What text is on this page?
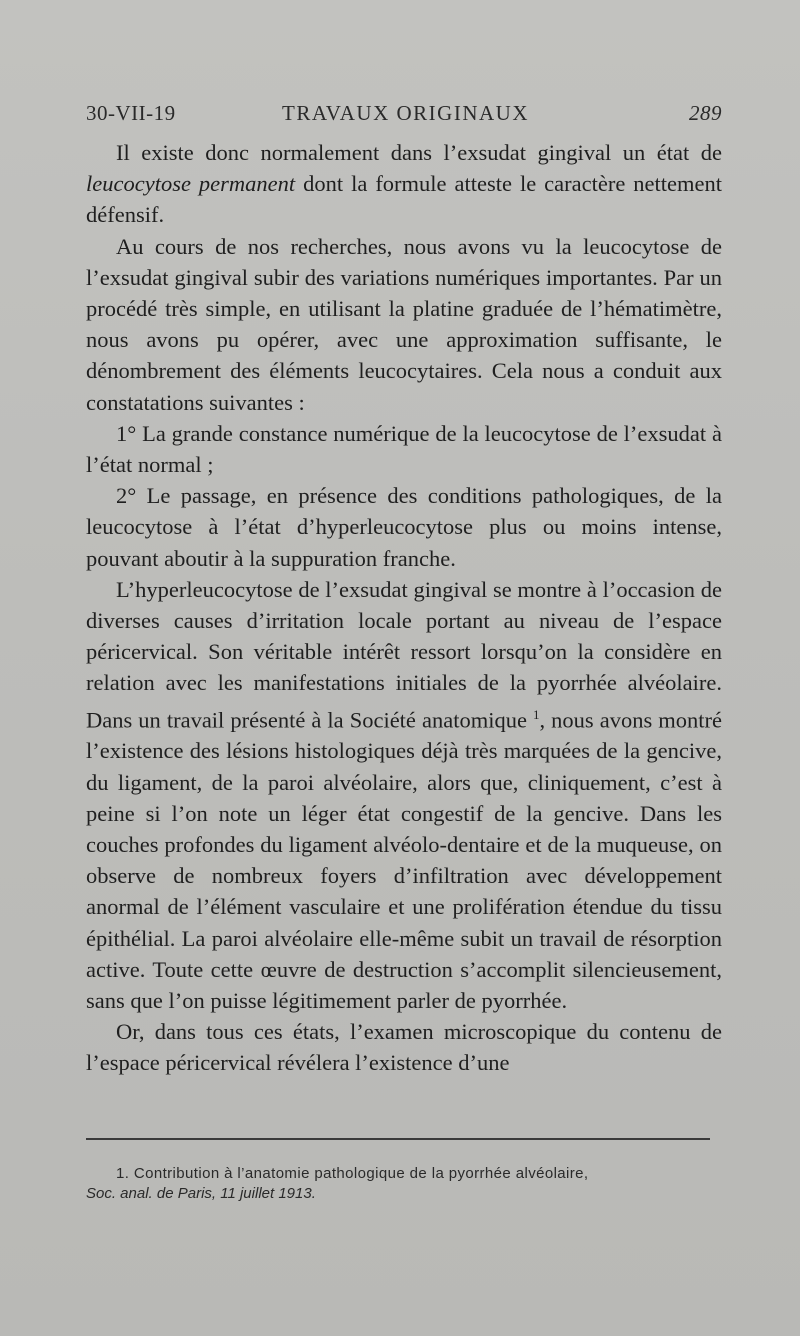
30-VII-19	TRAVAUX ORIGINAUX	289

Il existe donc normalement dans l’exsudat gingival un état de leucocytose permanent dont la formule atteste le caractère nettement défensif.

Au cours de nos recherches, nous avons vu la leucocytose de l’exsudat gingival subir des variations numériques importantes. Par un procédé très simple, en utilisant la platine graduée de l’hématimètre, nous avons pu opérer, avec une approximation suffisante, le dénombrement des éléments leucocytaires. Cela nous a conduit aux constatations suivantes :

1° La grande constance numérique de la leucocytose de l’exsudat à l’état normal ;

2° Le passage, en présence des conditions pathologiques, de la leucocytose à l’état d’hyperleucocytose plus ou moins intense, pouvant aboutir à la suppuration franche.

L’hyperleucocytose de l’exsudat gingival se montre à l’occasion de diverses causes d’irritation locale portant au niveau de l’espace péricervical. Son véritable intérêt ressort lorsqu’on la considère en relation avec les manifestations initiales de la pyorrhée alvéolaire. Dans un travail présenté à la Société anatomique $^1$, nous avons montré l’existence des lésions histologiques déjà très marquées de la gencive, du ligament, de la paroi alvéolaire, alors que, cliniquement, c’est à peine si l’on note un léger état congestif de la gencive. Dans les couches profondes du ligament alvéolo-dentaire et de la muqueuse, on observe de nombreux foyers d’infiltration avec développement anormal de l’élément vasculaire et une prolifération étendue du tissu épithélial. La paroi alvéolaire elle-même subit un travail de résorption active. Toute cette œuvre de destruction s’accomplit silencieusement, sans que l’on puisse légitimement parler de pyorrhée.

Or, dans tous ces états, l’examen microscopique du contenu de l’espace péricervical révélera l’existence d’une

1. Contribution à l’anatomie pathologique de la pyorrhée alvéolaire,
Soc. anal. de Paris, 11 juillet 1913.
